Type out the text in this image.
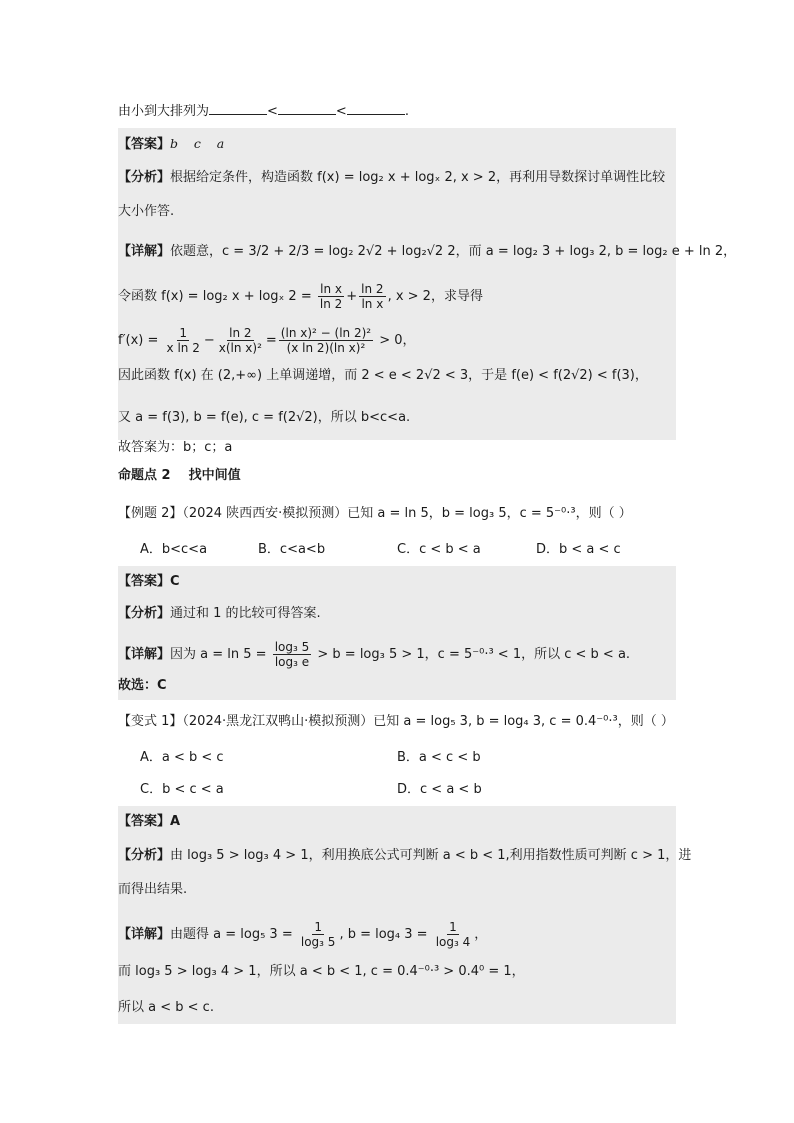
由小到大排列为	<	<	.
【答案】b    c    a
【分析】根据给定条件，构造函数 f(x) = log₂ x + logₓ 2, x > 2，再利用导数探讨单调性比较
大小作答.
【详解】依题意，c = 3/2 + 2/3 = log₂ 2√2 + log₂√2 2，而 a = log₂ 3 + log₃ 2, b = log₂ e + ln 2，
令函数 f(x) = log₂ x + logₓ $2 = \frac{\text{ln x}}{\ln 2} + \frac{\ln 2}{\text{ln x}}$ , x > 2，求导得
$f'(x) = \frac{1}{\text{x ln 2}} - \frac{\ln 2}{\text{x(ln x)²}} = \frac{\text{(ln x)² − (ln 2)²}}{\text{(x ln 2)(ln x)²}} > 0$，
因此函数 f(x) 在 (2,+∞) 上单调递增，而 2 < e < 2√2 < 3，于是 f(e) < f(2√2) < f(3)，
又 a = f(3), b = f(e), c = f(2√2)，所以 b<c<a.
故答案为：b；c；a
命题点 2    找中间值
【例题 2】（2024 陕西西安·模拟预测）已知 a = ln 5，b = log₃ 5，c = 5⁻⁰·³，则（ ）
A．b<c<a	B．c<a<b	C．c < b < a	D．b < a < c
【答案】C
【分析】通过和 1 的比较可得答案.
【详解】因为 $a = \ln 5 = \frac{\text{log₃ 5}}{\text{log₃ e}} > b = \log_3$ 5 > 1，c = 5⁻⁰·³ < 1，所以 c < b < a.
故选：C
【变式 1】（2024·黑龙江双鸭山·模拟预测）已知 a = log₅ 3, b = log₄ 3, c = 0.4⁻⁰·³，则（ ）
A．a < b < c	B．a < c < b
C．b < c < a	D．c < a < b
【答案】A
【分析】由 log₃ 5 > log₃ 4 > 1，利用换底公式可判断 a < b < 1,利用指数性质可判断 c > 1，进
而得出结果.
【详解】由题得 a = log₅ $3 = \frac{1}{\text{log₃ 5}}$ , b = log₄ $3 = \frac{1}{\text{log₃ 4}}$ ，
而 log₃ 5 > log₃ 4 > 1，所以 a < b < 1, c = 0.4⁻⁰·³ > 0.4⁰ = 1，
所以 a < b < c.
